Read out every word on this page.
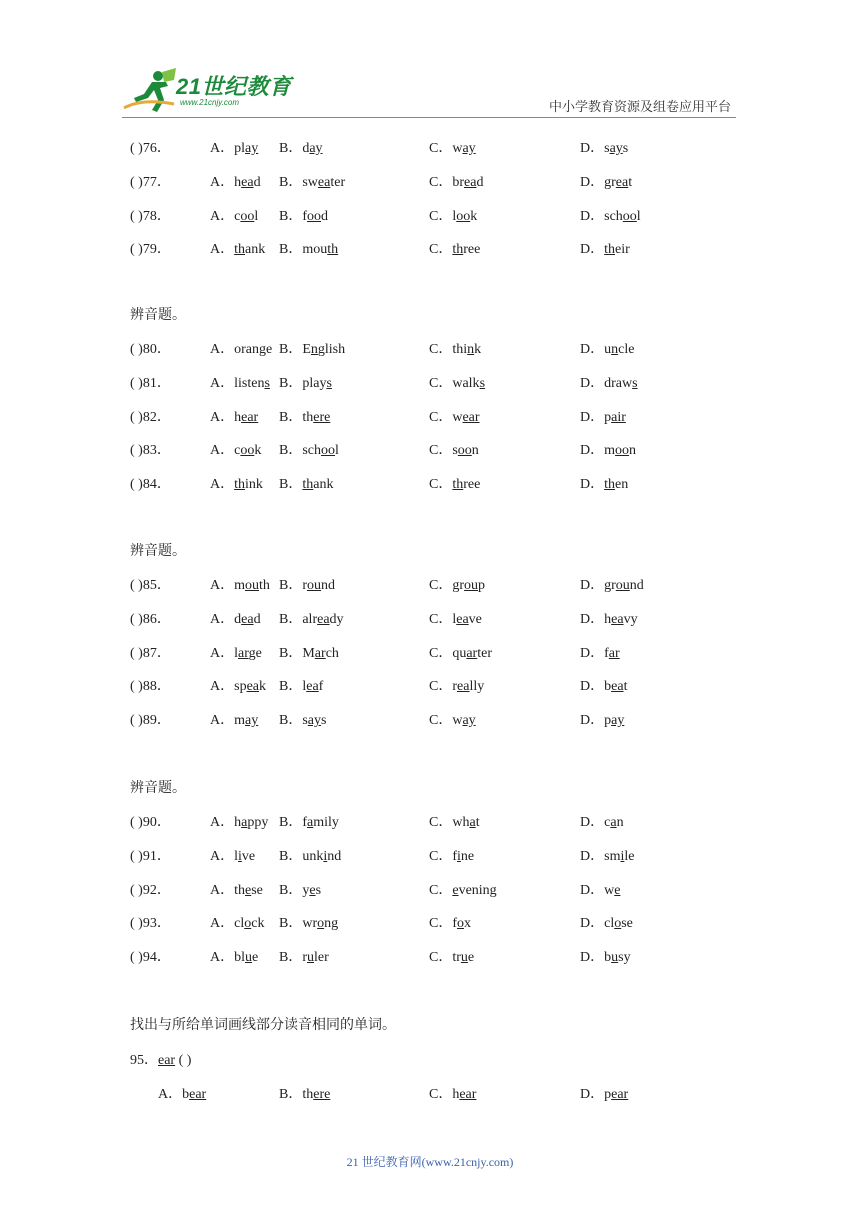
21世纪教育
www.21cnjy.com	中小学教育资源及组卷应用平台
( )76．	A．play B．day	C．way	D．says
( )77．	A．head B．sweater	C．bread	D．great
( )78．	A．cool B．food	C．look	D．school
( )79．	A．thank B．mouth	C．three	D．their
辨音题。
( )80．	A．orange B．English	C．think	D．uncle
( )81．	A．listens B．plays	C．walks	D．draws
( )82．	A．hear B．there	C．wear	D．pair
( )83．	A．cook B．school	C．soon	D．moon
( )84．	A．think B．thank	C．three	D．then
辨音题。
( )85．	A．mouth B．round	C．group	D．ground
( )86．	A．dead B．already	C．leave	D．heavy
( )87．	A．large B．March	C．quarter	D．far
( )88．	A．speak B．leaf	C．really	D．beat
( )89．	A．may B．says	C．way	D．pay
辨音题。
( )90．	A．happy B．family	C．what	D．can
( )91．	A．live B．unkind	C．fine	D．smile
( )92．	A．these B．yes	C．evening	D．we
( )93．	A．clock B．wrong	C．fox	D．close
( )94．	A．blue B．ruler	C．true	D．busy
找出与所给单词画线部分读音相同的单词。
95．ear ( )
A．bear	B．there	C．hear	D．pear
21 世纪教育网(www.21cnjy.com)
